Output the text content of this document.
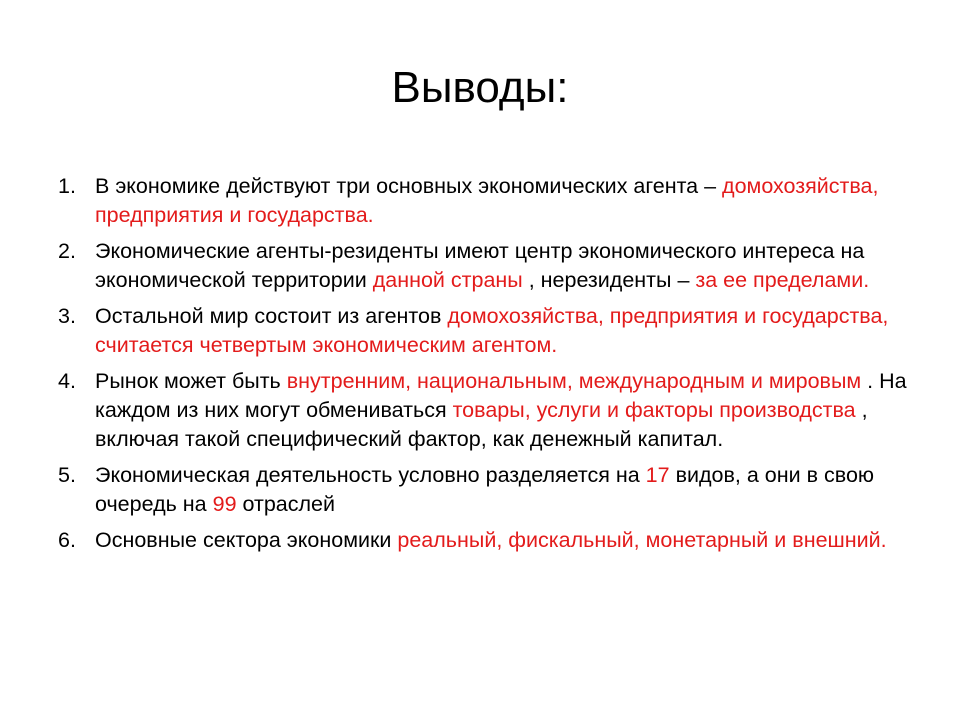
Выводы:
1. В экономике действуют три основных экономических агента – домохозяйства, предприятия и государства.
2. Экономические агенты-резиденты имеют центр экономического интереса на экономической территории данной страны , нерезиденты – за ее пределами.
3. Остальной мир состоит из агентов домохозяйства, предприятия и государства, считается четвертым экономическим агентом.
4. Рынок может быть внутренним, национальным, международным и мировым . На каждом из них могут обмениваться товары, услуги и факторы производства , включая такой специфический фактор, как денежный капитал.
5. Экономическая деятельность условно разделяется на 17 видов, а они в свою очередь на 99 отраслей
6. Основные сектора экономики реальный, фискальный, монетарный и внешний.
